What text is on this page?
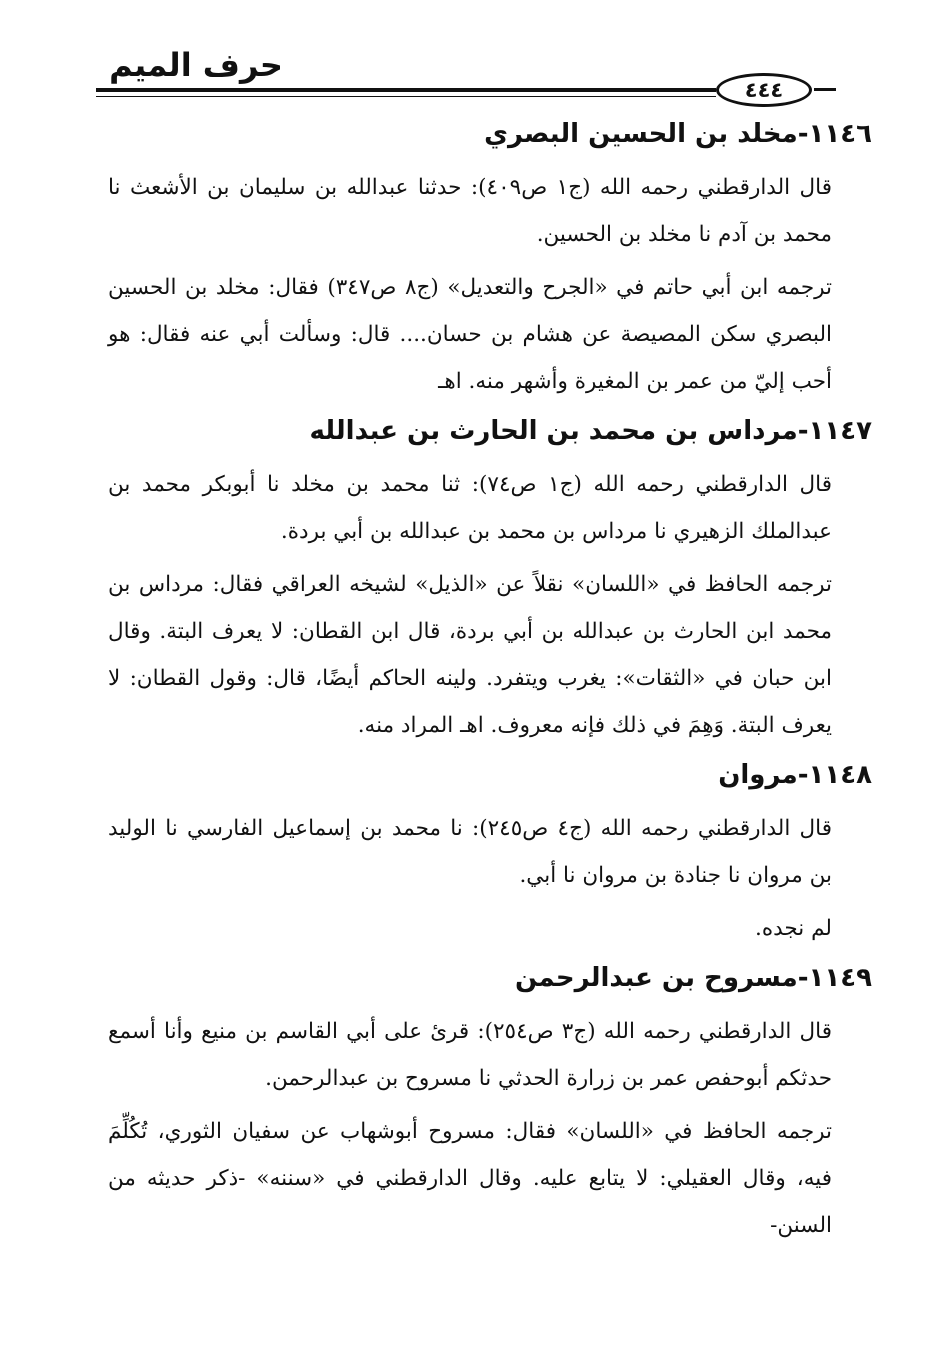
حرف الميم
٤٤٤
١١٤٦-مخلد بن الحسين البصري

قال الدارقطني رحمه الله (ج١ ص٤٠٩): حدثنا عبدالله بن سليمان بن الأشعث نا محمد بن آدم نا مخلد بن الحسين.

ترجمه ابن أبي حاتم في «الجرح والتعديل» (ج٨ ص٣٤٧) فقال: مخلد بن الحسين البصري سكن المصيصة عن هشام بن حسان.... قال: وسألت أبي عنه فقال: هو أحب إليّ من عمر بن المغيرة وأشهر منه. اهـ

١١٤٧-مرداس بن محمد بن الحارث بن عبدالله

قال الدارقطني رحمه الله (ج١ ص٧٤): ثنا محمد بن مخلد نا أبوبكر محمد بن عبدالملك الزهيري نا مرداس بن محمد بن عبدالله بن أبي بردة.

ترجمه الحافظ في «اللسان» نقلاً عن «الذيل» لشيخه العراقي فقال: مرداس بن محمد ابن الحارث بن عبدالله بن أبي بردة، قال ابن القطان: لا يعرف البتة. وقال ابن حبان في «الثقات»: يغرب ويتفرد. ولينه الحاكم أيضًا، قال: وقول القطان: لا يعرف البتة. وَهِمَ في ذلك فإنه معروف. اهـ المراد منه.

١١٤٨-مروان

قال الدارقطني رحمه الله (ج٤ ص٢٤٥): نا محمد بن إسماعيل الفارسي نا الوليد بن مروان نا جنادة بن مروان نا أبي.

لم نجده.

١١٤٩-مسروح بن عبدالرحمن

قال الدارقطني رحمه الله (ج٣ ص٢٥٤): قرئ على أبي القاسم بن منيع وأنا أسمع حدثكم أبوحفص عمر بن زرارة الحدثي نا مسروح بن عبدالرحمن.

ترجمه الحافظ في «اللسان» فقال: مسروح أبوشهاب عن سفيان الثوري، تُكُلِّمَ فيه، وقال العقيلي: لا يتابع عليه. وقال الدارقطني في «سننه» -ذكر حديثه من السنن-
